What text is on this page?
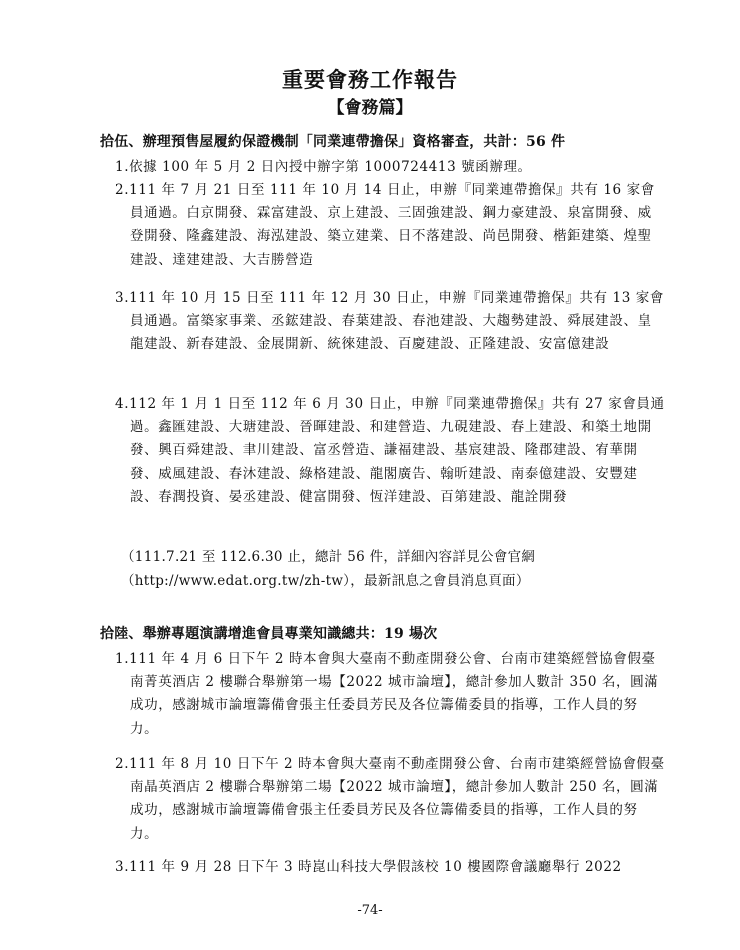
重要會務工作報告
【會務篇】
拾伍、辦理預售屋履約保證機制「同業連帶擔保」資格審查，共計：56 件
1.依據 100 年 5 月 2 日內授中辦字第 1000724413 號函辦理。
2.111 年 7 月 21 日至 111 年 10 月 14 日止，申辦『同業連帶擔保』共有 16 家會員通過。白京開發、霖富建設、京上建設、三固強建設、鋼力豪建設、泉富開發、威登開發、隆鑫建設、海泓建設、築立建業、日不落建設、尚邑開發、楷鉅建築、煌聖建設、達建建設、大吉勝營造
3.111 年 10 月 15 日至 111 年 12 月 30 日止，申辦『同業連帶擔保』共有 13 家會員通過。富築家事業、丞鋐建設、春葉建設、春池建設、大趨勢建設、舜展建設、皇龍建設、新春建設、金展開新、統徠建設、百慶建設、正隆建設、安富億建設
4.112 年 1 月 1 日至 112 年 6 月 30 日止，申辦『同業連帶擔保』共有 27 家會員通過。鑫匯建設、大瑭建設、晉暉建設、和建營造、九硯建設、春上建設、和築土地開發、興百舜建設、聿川建設、富丞營造、謙福建設、基宸建設、隆郡建設、宥華開發、威風建設、春沐建設、綠格建設、龍閣廣告、翰昕建設、南泰億建設、安豐建設、春潤投資、晏丞建設、健富開發、恆洋建設、百第建設、龍詮開發
（111.7.21 至 112.6.30 止，總計 56 件，詳細內容詳見公會官網
（http://www.edat.org.tw/zh-tw），最新訊息之會員消息頁面）
拾陸、舉辦專題演講增進會員專業知識總共：19 場次
1.111 年 4 月 6 日下午 2 時本會與大臺南不動產開發公會、台南市建築經營協會假臺南菁英酒店 2 樓聯合舉辦第一場【2022 城市論壇】，總計參加人數計 350 名，圓滿成功，感謝城市論壇籌備會張主任委員芳民及各位籌備委員的指導，工作人員的努力。
2.111 年 8 月 10 日下午 2 時本會與大臺南不動產開發公會、台南市建築經營協會假臺南晶英酒店 2 樓聯合舉辦第二場【2022 城市論壇】，總計參加人數計 250 名，圓滿成功，感謝城市論壇籌備會張主任委員芳民及各位籌備委員的指導，工作人員的努力。
3.111 年 9 月 28 日下午 3 時崑山科技大學假該校 10 樓國際會議廳舉行 2022
-74-
